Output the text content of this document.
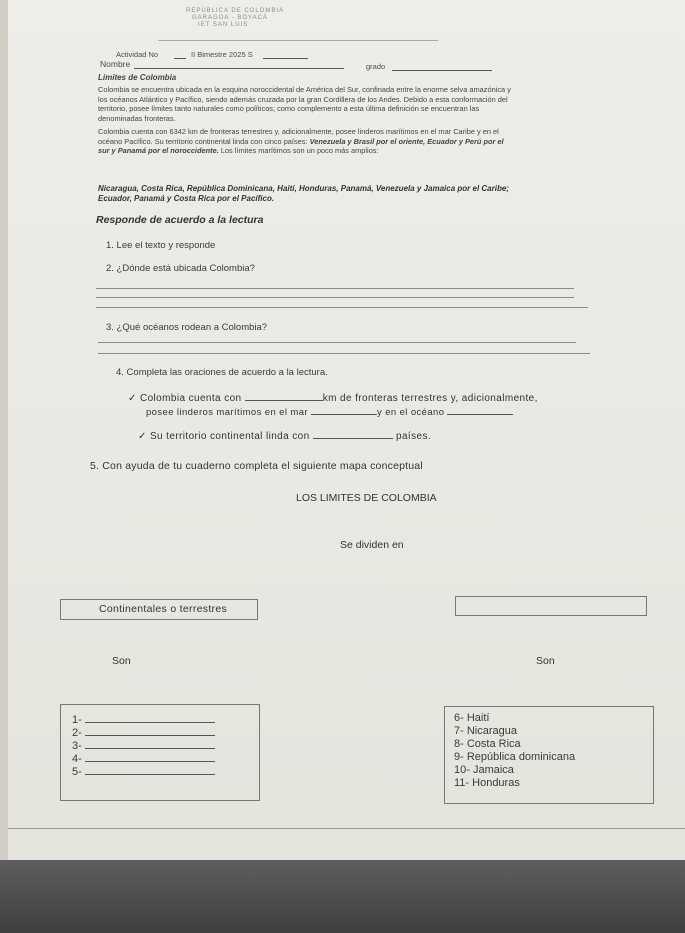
REPÚBLICA DE COLOMBIA
GARAGOA - BOYACÁ
IET SAN LUIS
Actividad No	II Bimestre 2025 S
Nombre	grado
Límites de Colombia
Colombia se encuentra ubicada en la esquina noroccidental de América del Sur, confinada entre la enorme selva amazónica y los océanos Atlántico y Pacífico, siendo además cruzada por la gran Cordillera de los Andes. Debido a esta conformación del territorio, posee límites tanto naturales como políticos; como complemento a esta última definición se encuentran las denominadas fronteras.
Colombia cuenta con 6342 km de fronteras terrestres y, adicionalmente, posee linderos marítimos en el mar Caribe y en el océano Pacífico. Su territorio continental linda con cinco países: Venezuela y Brasil por el oriente, Ecuador y Perú por el sur y Panamá por el noroccidente. Los límites marítimos son un poco más amplios:
Nicaragua, Costa Rica, República Dominicana, Haití, Honduras, Panamá, Venezuela y Jamaica por el Caribe; Ecuador, Panamá y Costa Rica por el Pacífico.
Responde de acuerdo a la lectura
1. Lee el texto y responde
2. ¿Dónde está ubicada Colombia?
3. ¿Qué océanos rodean a Colombia?
4. Completa las oraciones de acuerdo a la lectura.
✓ Colombia cuenta con	km de fronteras terrestres y, adicionalmente,
posee linderos marítimos en el mar	y en el océano
✓ Su territorio continental linda con	países.
5. Con ayuda de tu cuaderno completa el siguiente mapa conceptual
LOS LIMITES DE COLOMBIA
Se dividen en
Continentales o terrestres
Son	Son
1-
2-
3-
4-
5-
6- Haití
7- Nicaragua
8- Costa Rica
9- República dominicana
10- Jamaica
11- Honduras
